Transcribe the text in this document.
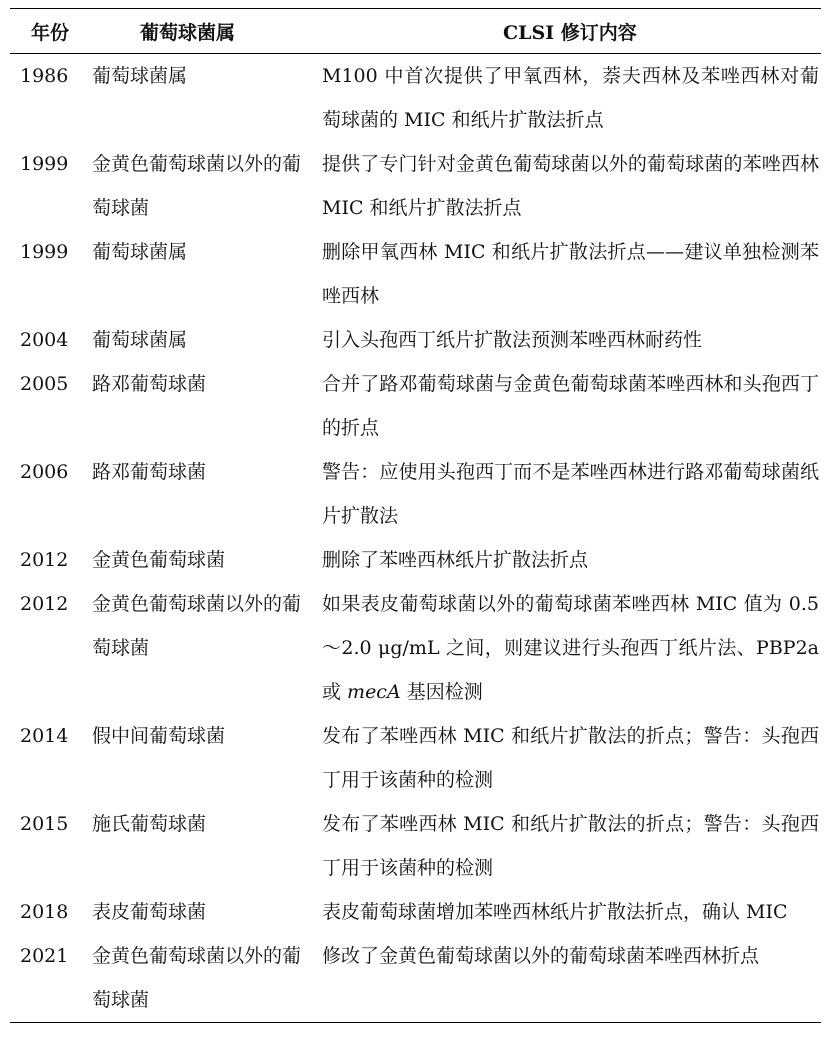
年份	葡萄球菌属	CLSI 修订内容
1986	葡萄球菌属	M100 中首次提供了甲氧西林，萘夫西林及苯唑西林对葡萄球菌的 MIC 和纸片扩散法折点
1999	金黄色葡萄球菌以外的葡萄球菌	提供了专门针对金黄色葡萄球菌以外的葡萄球菌的苯唑西林 MIC 和纸片扩散法折点
1999	葡萄球菌属	删除甲氧西林 MIC 和纸片扩散法折点——建议单独检测苯唑西林
2004	葡萄球菌属	引入头孢西丁纸片扩散法预测苯唑西林耐药性
2005	路邓葡萄球菌	合并了路邓葡萄球菌与金黄色葡萄球菌苯唑西林和头孢西丁的折点
2006	路邓葡萄球菌	警告：应使用头孢西丁而不是苯唑西林进行路邓葡萄球菌纸片扩散法
2012	金黄色葡萄球菌	删除了苯唑西林纸片扩散法折点
2012	金黄色葡萄球菌以外的葡萄球菌	如果表皮葡萄球菌以外的葡萄球菌苯唑西林 MIC 值为 0.5～2.0 μg/mL 之间，则建议进行头孢西丁纸片法、PBP2a 或 mecA 基因检测
2014	假中间葡萄球菌	发布了苯唑西林 MIC 和纸片扩散法的折点；警告：头孢西丁用于该菌种的检测
2015	施氏葡萄球菌	发布了苯唑西林 MIC 和纸片扩散法的折点；警告：头孢西丁用于该菌种的检测
2018	表皮葡萄球菌	表皮葡萄球菌增加苯唑西林纸片扩散法折点，确认 MIC
2021	金黄色葡萄球菌以外的葡萄球菌	修改了金黄色葡萄球菌以外的葡萄球菌苯唑西林折点
